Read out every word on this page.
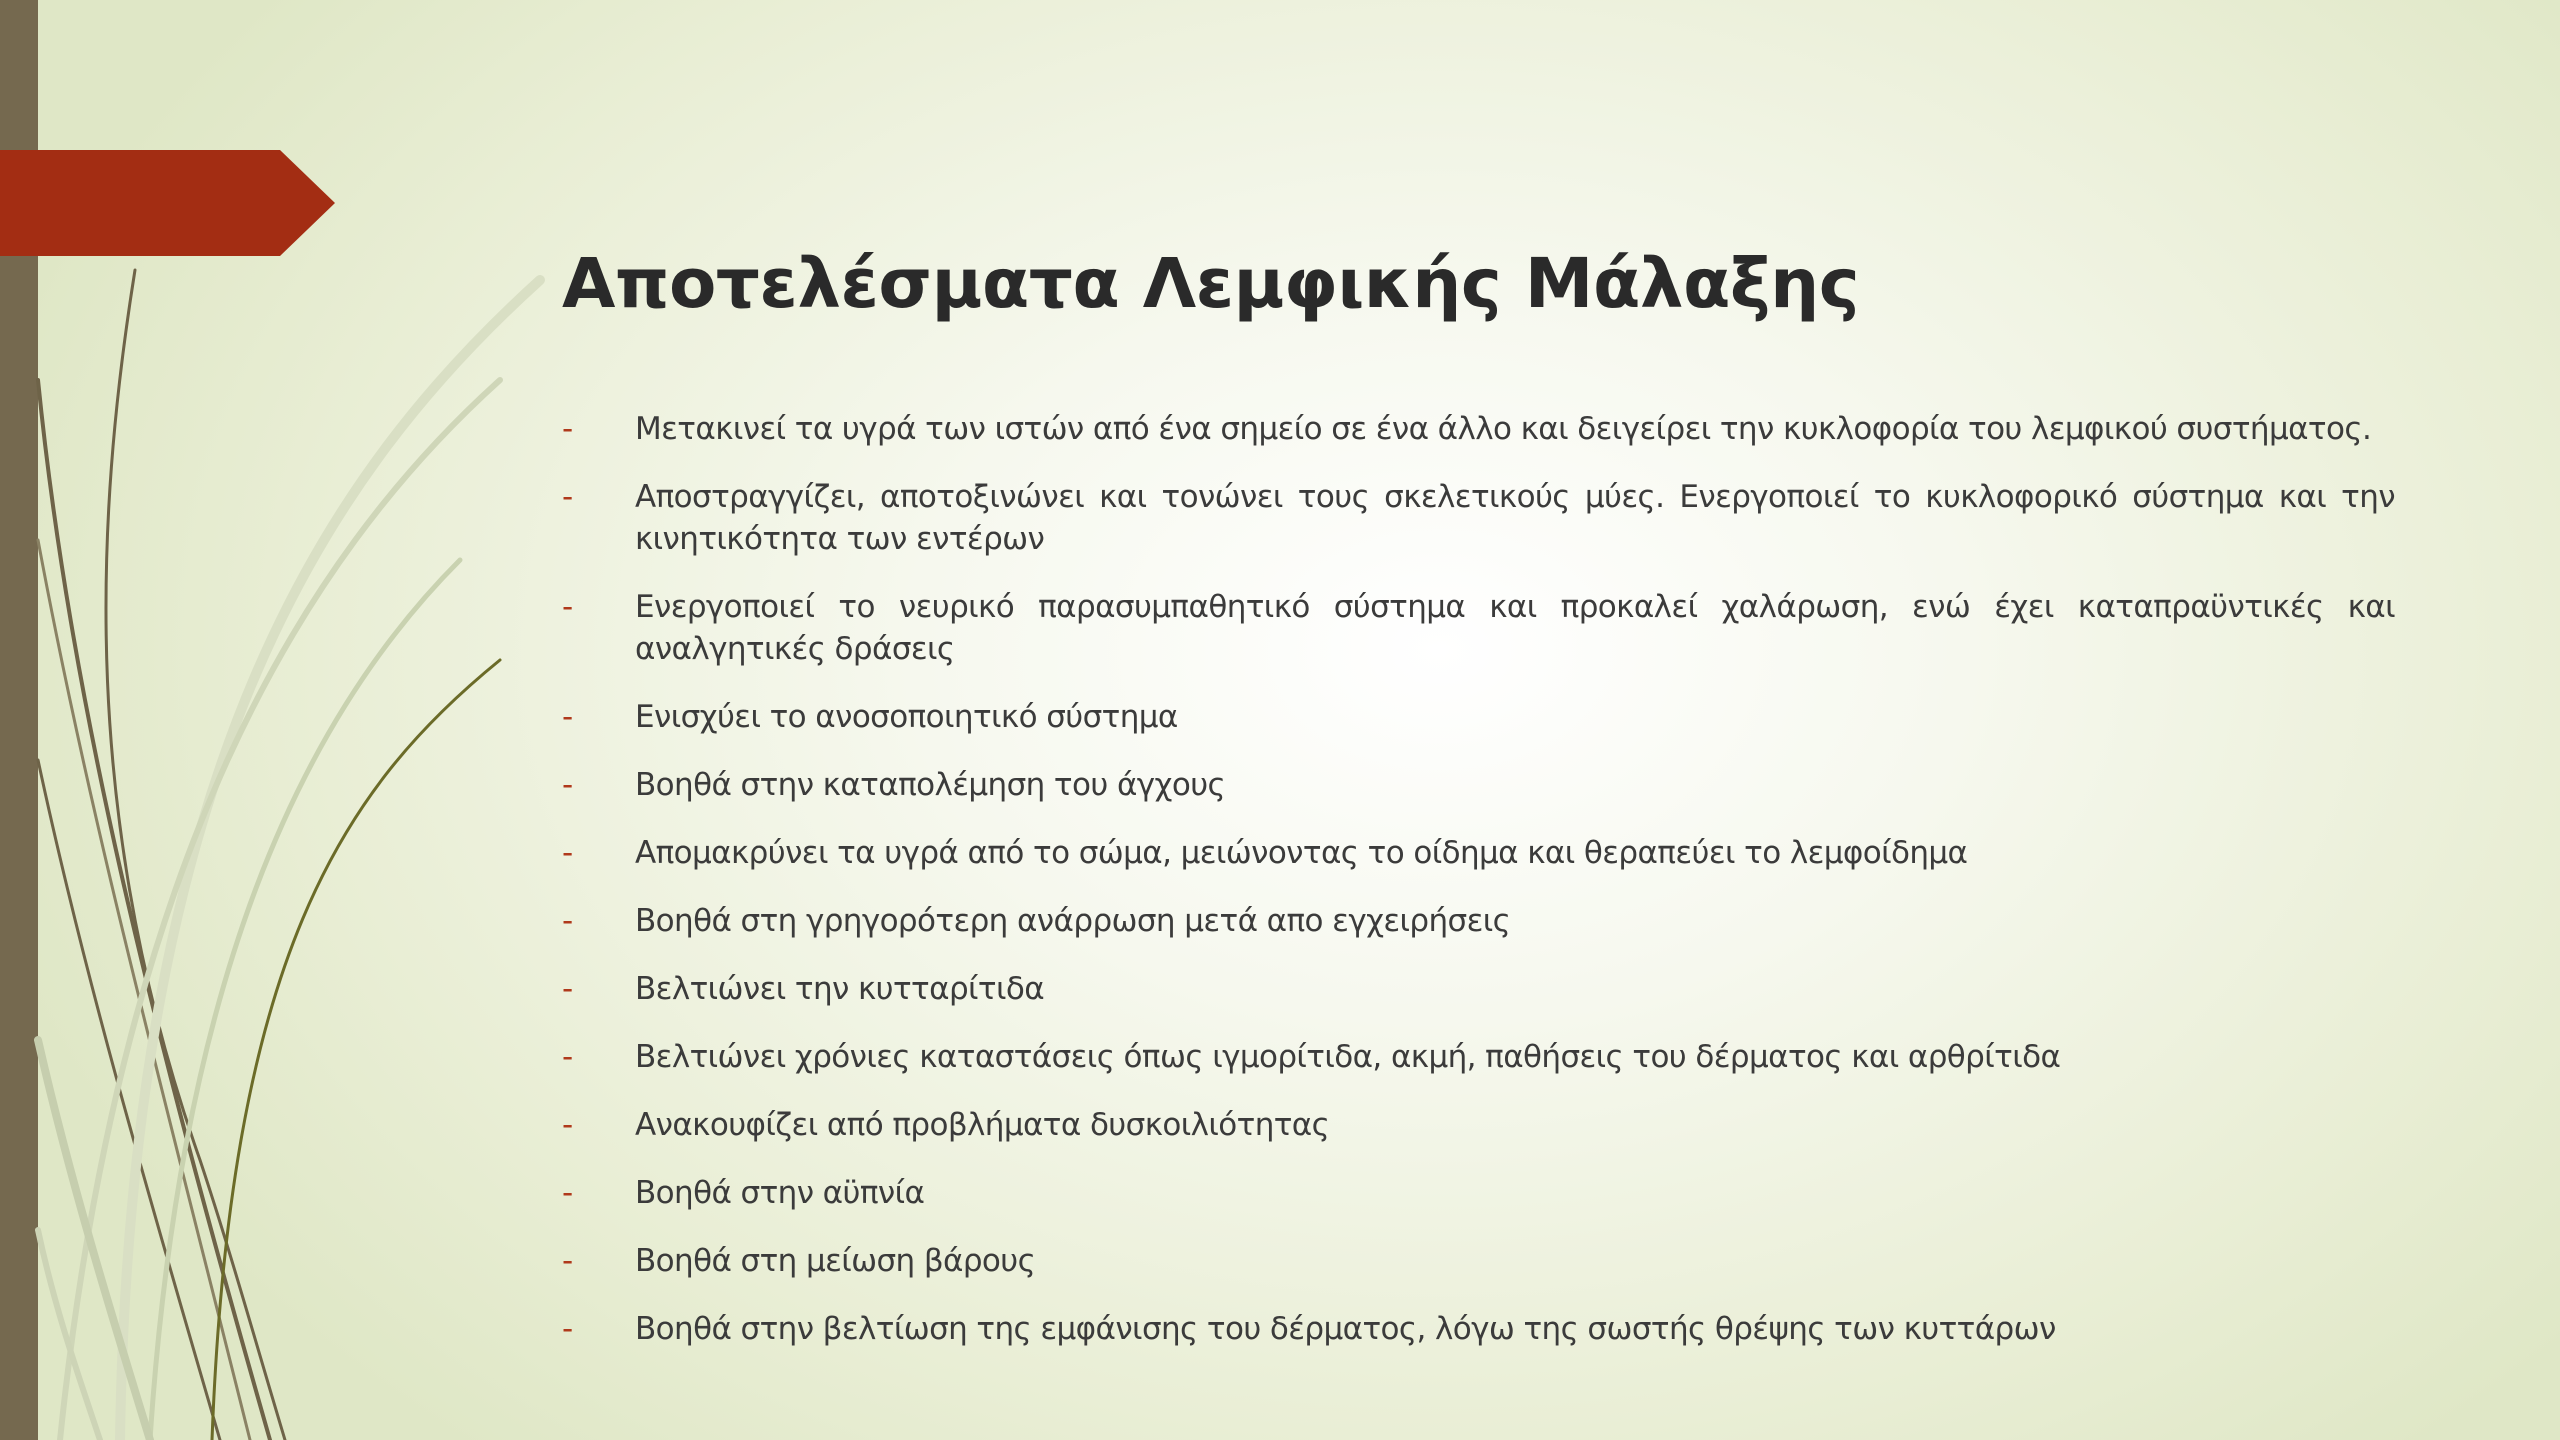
Αποτελέσματα Λεμφικής Μάλαξης
- Μετακινεί τα υγρά των ιστών από ένα σημείο σε ένα άλλο και δειγείρει την κυκλοφορία του λεμφικού συστήματος.
- Αποστραγγίζει, αποτοξινώνει και τονώνει τους σκελετικούς μύες. Ενεργοποιεί το κυκλοφορικό σύστημα και την κινητικότητα των εντέρων
- Ενεργοποιεί το νευρικό παρασυμπαθητικό σύστημα και προκαλεί χαλάρωση, ενώ έχει καταπραϋντικές και αναλγητικές δράσεις
- Ενισχύει το ανοσοποιητικό σύστημα
- Βοηθά στην καταπολέμηση του άγχους
- Απομακρύνει τα υγρά από το σώμα, μειώνοντας το οίδημα και θεραπεύει το λεμφοίδημα
- Βοηθά στη γρηγορότερη ανάρρωση μετά απο εγχειρήσεις
- Βελτιώνει την κυτταρίτιδα
- Βελτιώνει χρόνιες καταστάσεις όπως ιγμορίτιδα, ακμή, παθήσεις του δέρματος και αρθρίτιδα
- Ανακουφίζει από προβλήματα δυσκοιλιότητας
- Βοηθά στην αϋπνία
- Βοηθά στη μείωση βάρους
- Βοηθά στην βελτίωση της εμφάνισης του δέρματος, λόγω της σωστής θρέψης των κυττάρων
